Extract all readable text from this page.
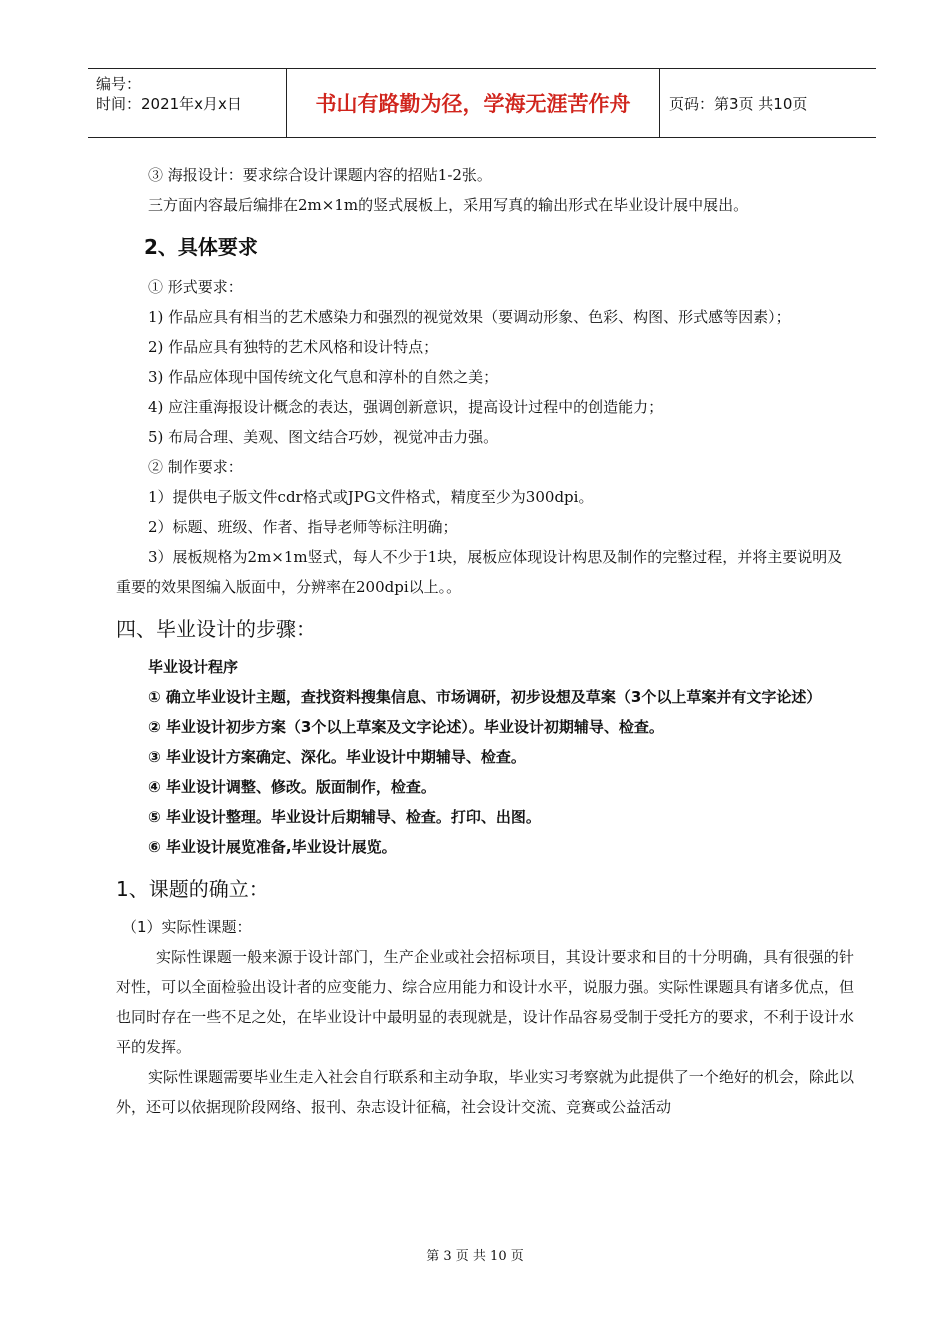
编号：
时间：2021年x月x日	书山有路勤为径，学海无涯苦作舟	页码：第3页 共10页

③ 海报设计：要求综合设计课题内容的招贴1-2张。

三方面内容最后编排在2m×1m的竖式展板上，采用写真的输出形式在毕业设计展中展出。

2、具体要求

① 形式要求：

1) 作品应具有相当的艺术感染力和强烈的视觉效果（要调动形象、色彩、构图、形式感等因素）；

2) 作品应具有独特的艺术风格和设计特点；

3) 作品应体现中国传统文化气息和淳朴的自然之美；

4) 应注重海报设计概念的表达，强调创新意识，提高设计过程中的创造能力；

5) 布局合理、美观、图文结合巧妙，视觉冲击力强。

② 制作要求：

1）提供电子版文件cdr格式或JPG文件格式，精度至少为300dpi。

2）标题、班级、作者、指导老师等标注明确；

3）展板规格为2m×1m竖式，每人不少于1块，展板应体现设计构思及制作的完整过程，并将主要说明及重要的效果图编入版面中，分辨率在200dpi以上。。

四、毕业设计的步骤：

毕业设计程序

① 确立毕业设计主题，查找资料搜集信息、市场调研，初步设想及草案（3个以上草案并有文字论述）

② 毕业设计初步方案（3个以上草案及文字论述）。毕业设计初期辅导、检查。

③ 毕业设计方案确定、深化。毕业设计中期辅导、检查。

④ 毕业设计调整、修改。版面制作，检查。

⑤ 毕业设计整理。毕业设计后期辅导、检查。打印、出图。

⑥ 毕业设计展览准备,毕业设计展览。

1、课题的确立：

（1）实际性课题：

实际性课题一般来源于设计部门，生产企业或社会招标项目，其设计要求和目的十分明确，具有很强的针对性，可以全面检验出设计者的应变能力、综合应用能力和设计水平，说服力强。实际性课题具有诸多优点，但也同时存在一些不足之处，在毕业设计中最明显的表现就是，设计作品容易受制于受托方的要求，不利于设计水平的发挥。

实际性课题需要毕业生走入社会自行联系和主动争取，毕业实习考察就为此提供了一个绝好的机会，除此以外，还可以依据现阶段网络、报刊、杂志设计征稿，社会设计交流、竞赛或公益活动

第 3 页 共 10 页
